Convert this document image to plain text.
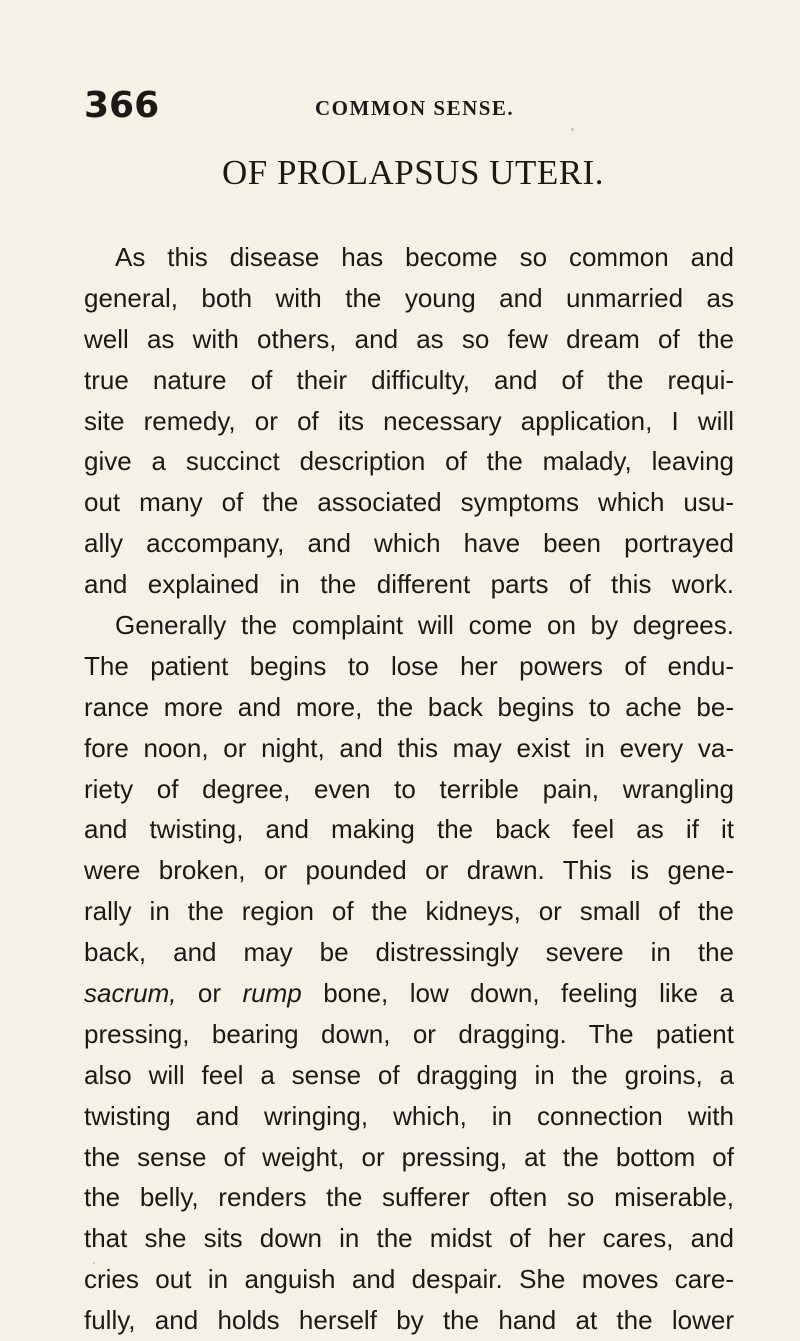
366	COMMON SENSE.
OF PROLAPSUS UTERI.
As this disease has become so common and
general, both with the young and unmarried as
well as with others, and as so few dream of the
true nature of their difficulty, and of the requi-
site remedy, or of its necessary application, I will
give a succinct description of the malady, leaving
out many of the associated symptoms which usu-
ally accompany, and which have been portrayed
and explained in the different parts of this work.
Generally the complaint will come on by degrees.
The patient begins to lose her powers of endu-
rance more and more, the back begins to ache be-
fore noon, or night, and this may exist in every va-
riety of degree, even to terrible pain, wrangling
and twisting, and making the back feel as if it
were broken, or pounded or drawn. This is gene-
rally in the region of the kidneys, or small of the
back, and may be distressingly severe in the
sacrum, or rump bone, low down, feeling like a
pressing, bearing down, or dragging. The patient
also will feel a sense of dragging in the groins, a
twisting and wringing, which, in connection with
the sense of weight, or pressing, at the bottom of
the belly, renders the sufferer often so miserable,
that she sits down in the midst of her cares, and
cries out in anguish and despair. She moves care-
fully, and holds herself by the hand at the lower
